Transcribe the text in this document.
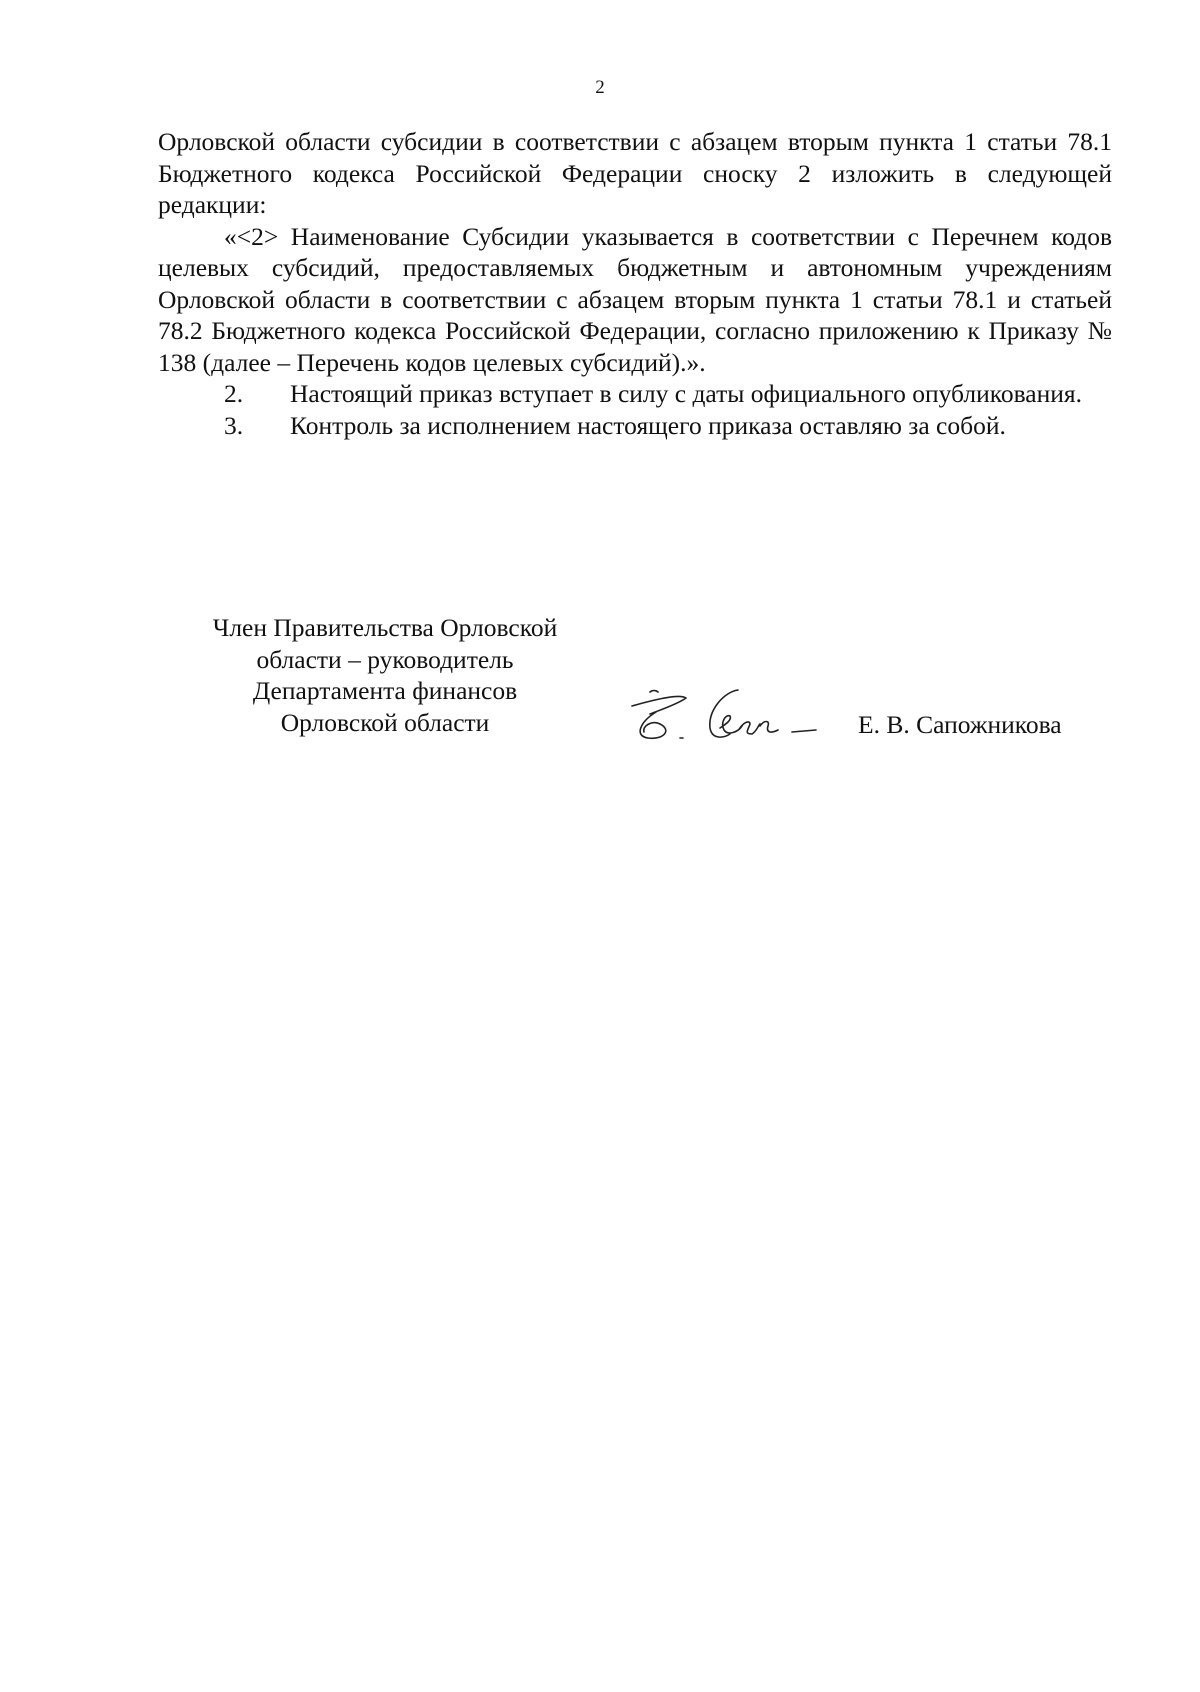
2

Орловской области субсидии в соответствии с абзацем вторым пункта 1 статьи 78.1 Бюджетного кодекса Российской Федерации сноску 2 изложить в следующей редакции:

«<2> Наименование Субсидии указывается в соответствии с Перечнем кодов целевых субсидий, предоставляемых бюджетным и автономным учреждениям Орловской области в соответствии с абзацем вторым пункта 1 статьи 78.1 и статьей 78.2 Бюджетного кодекса Российской Федерации, согласно приложению к Приказу № 138 (далее – Перечень кодов целевых субсидий).».

2. Настоящий приказ вступает в силу с даты официального опубликования.

3. Контроль за исполнением настоящего приказа оставляю за собой.

Член Правительства Орловской
области – руководитель
Департамента финансов
Орловской области	Е. В. Сапожникова
